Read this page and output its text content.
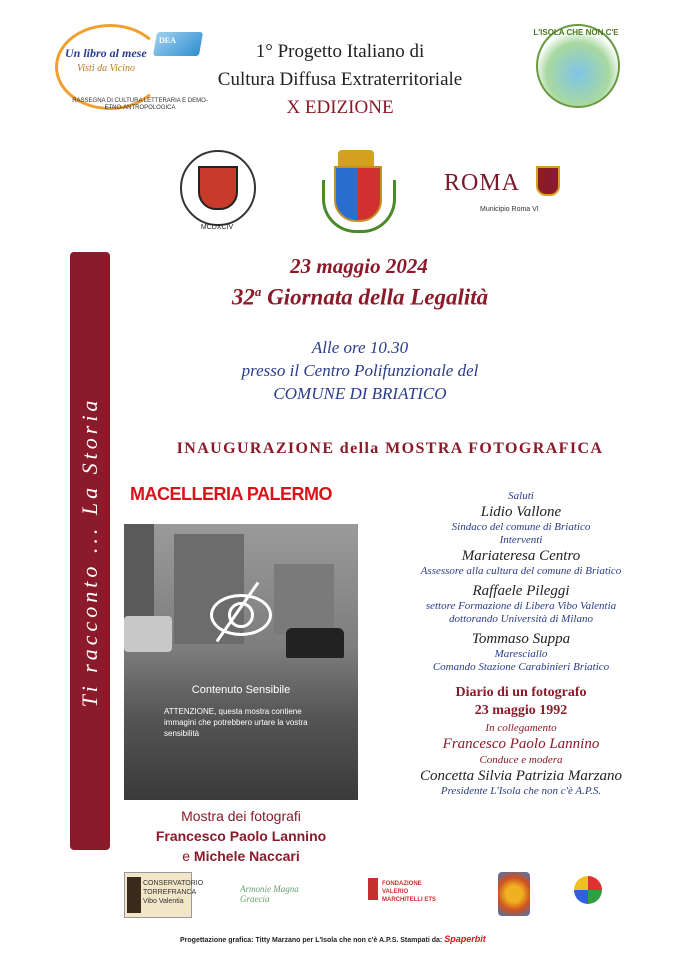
DEA
Un libro al mese
Visti da Vicino
RASSEGNA DI CULTURA LETTERARIA E DEMO-ETNO-ANTROPOLOGICA
1° Progetto Italiano di
Cultura Diffusa Extraterritoriale
X EDIZIONE
L'ISOLA CHE NON C'E
MCDXCIV
ROMA
Municipio Roma VI
Ti racconto ... La Storia
23 maggio 2024
32$^a$ Giornata della Legalità
Alle ore 10.30
presso il Centro Polifunzionale del
COMUNE DI BRIATICO
INAUGURAZIONE della MOSTRA FOTOGRAFICA
MACELLERIA PALERMO
Contenuto Sensibile
ATTENZIONE, questa mostra contiene immagini che potrebbero urtare la vostra sensibilità
Mostra dei fotografi
Francesco Paolo Lannino
e Michele Naccari
Saluti
Lidio Vallone
Sindaco del comune di Briatico
Interventi
Mariateresa Centro
Assessore alla cultura del comune di Briatico
Raffaele Pileggi
settore Formazione di Libera Vibo Valentia
dottorando Università di Milano
Tommaso Suppa
Maresciallo
Comando Stazione Carabinieri Briatico
Diario di un fotografo
23 maggio 1992
In collegamento
Francesco Paolo Lannino
Conduce e modera
Concetta Silvia Patrizia Marzano
Presidente L'Isola che non c'è A.P.S.
CONSERVATORIO TORREFRANCA Vibo Valentia
Armonie Magna Graecia
FONDAZIONE VALERIO MARCHITELLI ETS
Progettazione grafica: Titty Marzano per L'Isola che non c'è A.P.S. Stampati da: Spaperbit
